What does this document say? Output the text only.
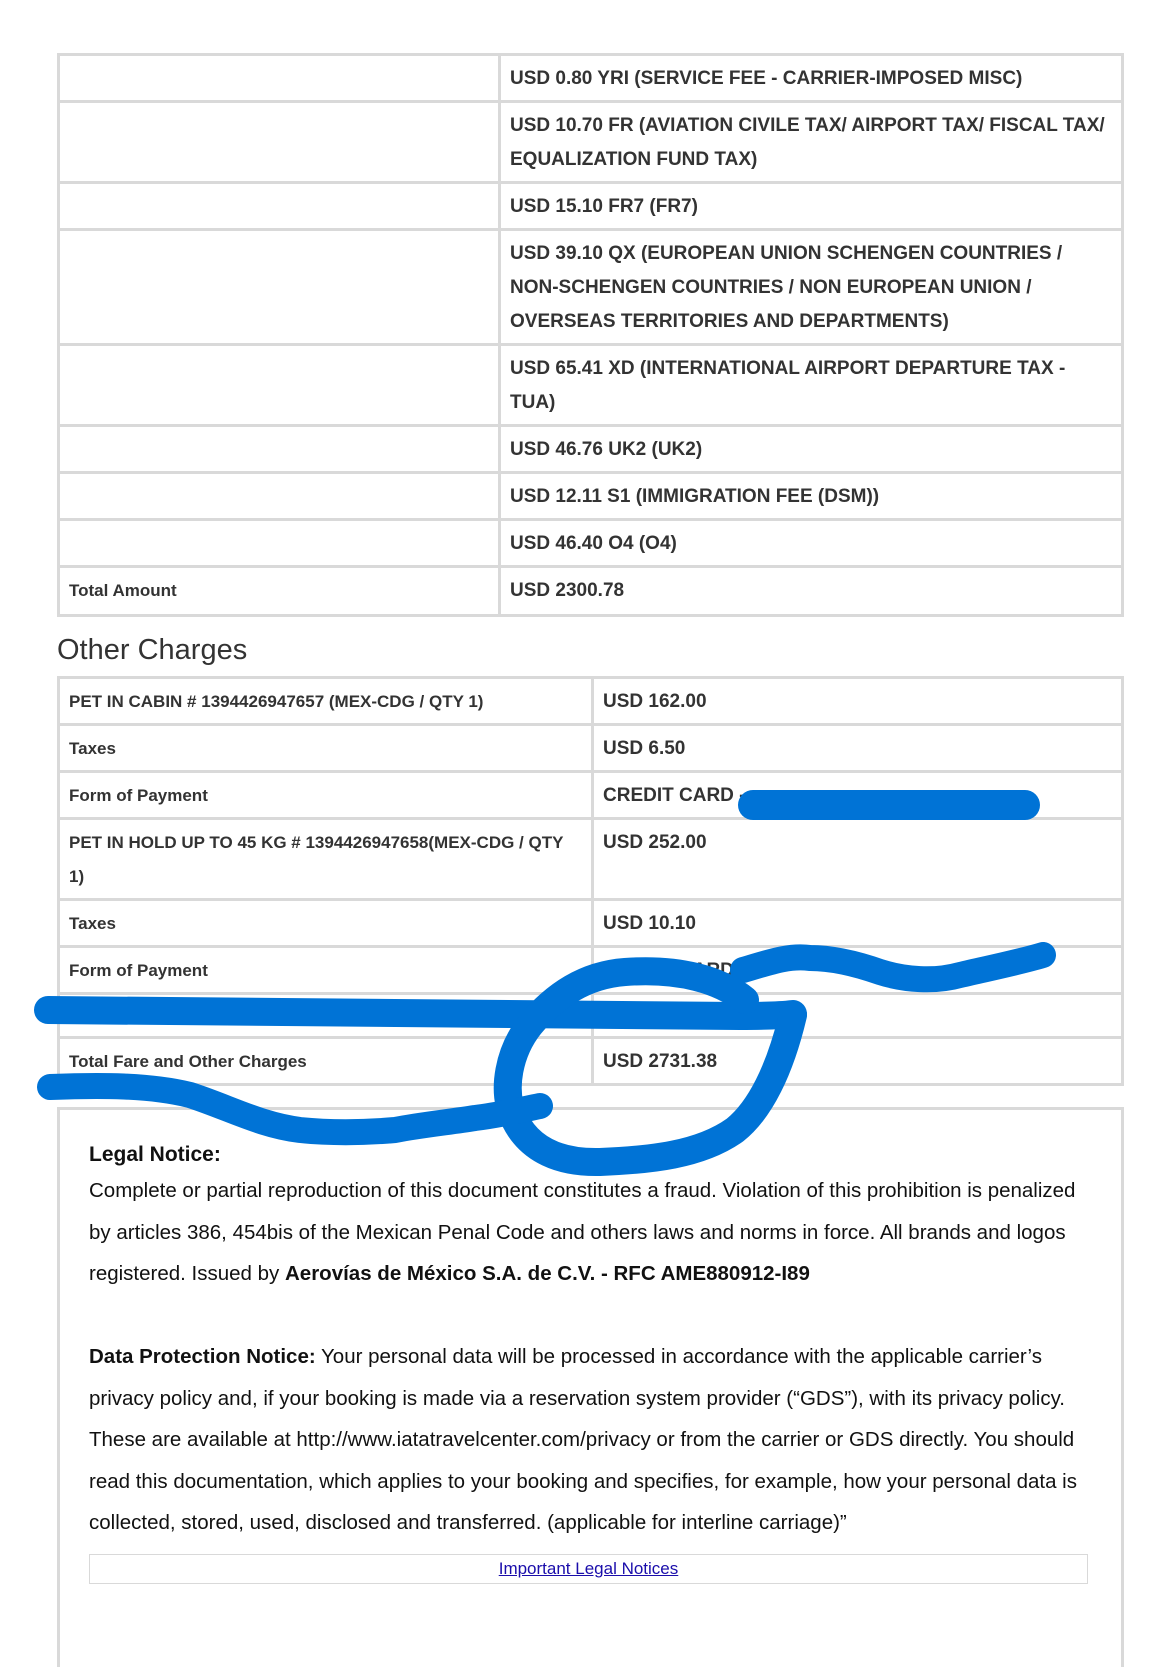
	USD 0.80 YRI (SERVICE FEE - CARRIER-IMPOSED MISC)
	USD 10.70 FR (AVIATION CIVILE TAX/ AIRPORT TAX/ FISCAL TAX/ EQUALIZATION FUND TAX)
	USD 15.10 FR7 (FR7)
	USD 39.10 QX (EUROPEAN UNION SCHENGEN COUNTRIES / NON-SCHENGEN COUNTRIES / NON EUROPEAN UNION / OVERSEAS TERRITORIES AND DEPARTMENTS)
	USD 65.41 XD (INTERNATIONAL AIRPORT DEPARTURE TAX - TUA)
	USD 46.76 UK2 (UK2)
	USD 12.11 S1 (IMMIGRATION FEE (DSM))
	USD 46.40 O4 (O4)
Total Amount	USD 2300.78
Other Charges
PET IN CABIN # 1394426947657 (MEX-CDG / QTY 1)	USD 162.00
Taxes	USD 6.50
Form of Payment	CREDIT CARD -
PET IN HOLD UP TO 45 KG # 1394426947658(MEX-CDG / QTY 1)	USD 252.00
Taxes	USD 10.10
Form of Payment	CREDIT CARD

Total Fare and Other Charges	USD 2731.38
Legal Notice:
Complete or partial reproduction of this document constitutes a fraud. Violation of this prohibition is penalized by articles 386, 454bis of the Mexican Penal Code and others laws and norms in force. All brands and logos registered. Issued by Aerovías de México S.A. de C.V. - RFC AME880912-I89
Data Protection Notice: Your personal data will be processed in accordance with the applicable carrier’s privacy policy and, if your booking is made via a reservation system provider (“GDS”), with its privacy policy. These are available at http://www.iatatravelcenter.com/privacy or from the carrier or GDS directly. You should read this documentation, which applies to your booking and specifies, for example, how your personal data is collected, stored, used, disclosed and transferred. (applicable for interline carriage)”
Important Legal Notices
